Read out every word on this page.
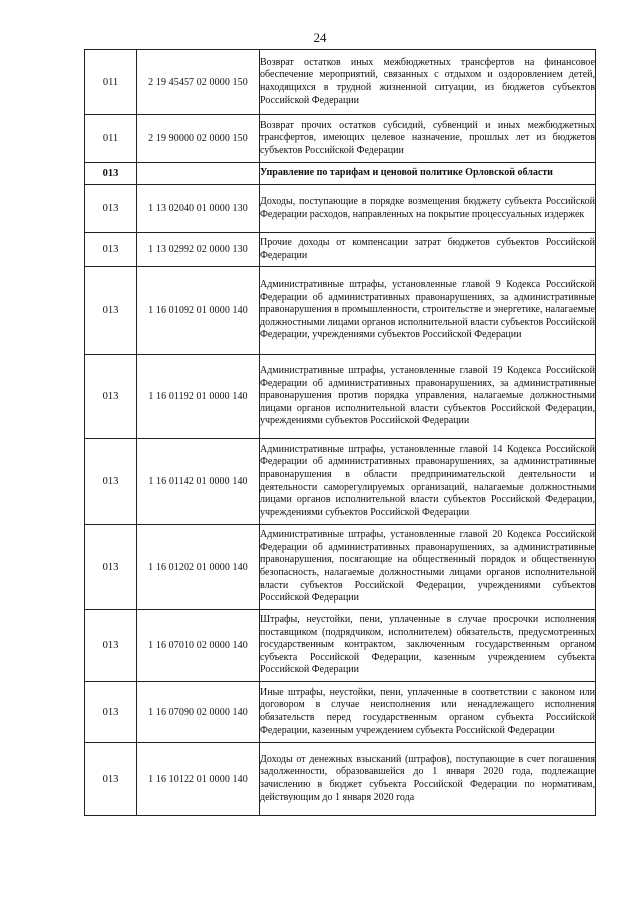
24
011	2 19 45457 02 0000 150	Возврат остатков иных межбюджетных трансфертов на финансовое обеспечение мероприятий, связанных с отдыхом и оздоровлением детей, находящихся в трудной жизненной ситуации, из бюджетов субъектов Российской Федерации
011	2 19 90000 02 0000 150	Возврат прочих остатков субсидий, субвенций и иных межбюджетных трансфертов, имеющих целевое назначение, прошлых лет из бюджетов субъектов Российской Федерации
013		Управление по тарифам и ценовой политике Орловской области
013	1 13 02040 01 0000 130	Доходы, поступающие в порядке возмещения бюджету субъекта Российской Федерации расходов, направленных на покрытие процессуальных издержек
013	1 13 02992 02 0000 130	Прочие доходы от компенсации затрат бюджетов субъектов Российской Федерации
013	1 16 01092 01 0000 140	Административные штрафы, установленные главой 9 Кодекса Российской Федерации об административных правонарушениях, за административные правонарушения в промышленности, строительстве и энергетике, налагаемые должностными лицами органов исполнительной власти субъектов Российской Федерации, учреждениями субъектов Российской Федерации
013	1 16 01192 01 0000 140	Административные штрафы, установленные главой 19 Кодекса Российской Федерации об административных правонарушениях, за административные правонарушения против порядка управления, налагаемые должностными лицами органов исполнительной власти субъектов Российской Федерации, учреждениями субъектов Российской Федерации
013	1 16 01142 01 0000 140	Административные штрафы, установленные главой 14 Кодекса Российской Федерации об административных правонарушениях, за административные правонарушения в области предпринимательской деятельности и деятельности саморегулируемых организаций, налагаемые должностными лицами органов исполнительной власти субъектов Российской Федерации, учреждениями субъектов Российской Федерации
013	1 16 01202 01 0000 140	Административные штрафы, установленные главой 20 Кодекса Российской Федерации об административных правонарушениях, за административные правонарушения, посягающие на общественный порядок и общественную безопасность, налагаемые должностными лицами органов исполнительной власти субъектов Российской Федерации, учреждениями субъектов Российской Федерации
013	1 16 07010 02 0000 140	Штрафы, неустойки, пени, уплаченные в случае просрочки исполнения поставщиком (подрядчиком, исполнителем) обязательств, предусмотренных государственным контрактом, заключенным государственным органом субъекта Российской Федерации, казенным учреждением субъекта Российской Федерации
013	1 16 07090 02 0000 140	Иные штрафы, неустойки, пени, уплаченные в соответствии с законом или договором в случае неисполнения или ненадлежащего исполнения обязательств перед государственным органом субъекта Российской Федерации, казенным учреждением субъекта Российской Федерации
013	1 16 10122 01 0000 140	Доходы от денежных взысканий (штрафов), поступающие в счет погашения задолженности, образовавшейся до 1 января 2020 года, подлежащие зачислению в бюджет субъекта Российской Федерации по нормативам, действующим до 1 января 2020 года
